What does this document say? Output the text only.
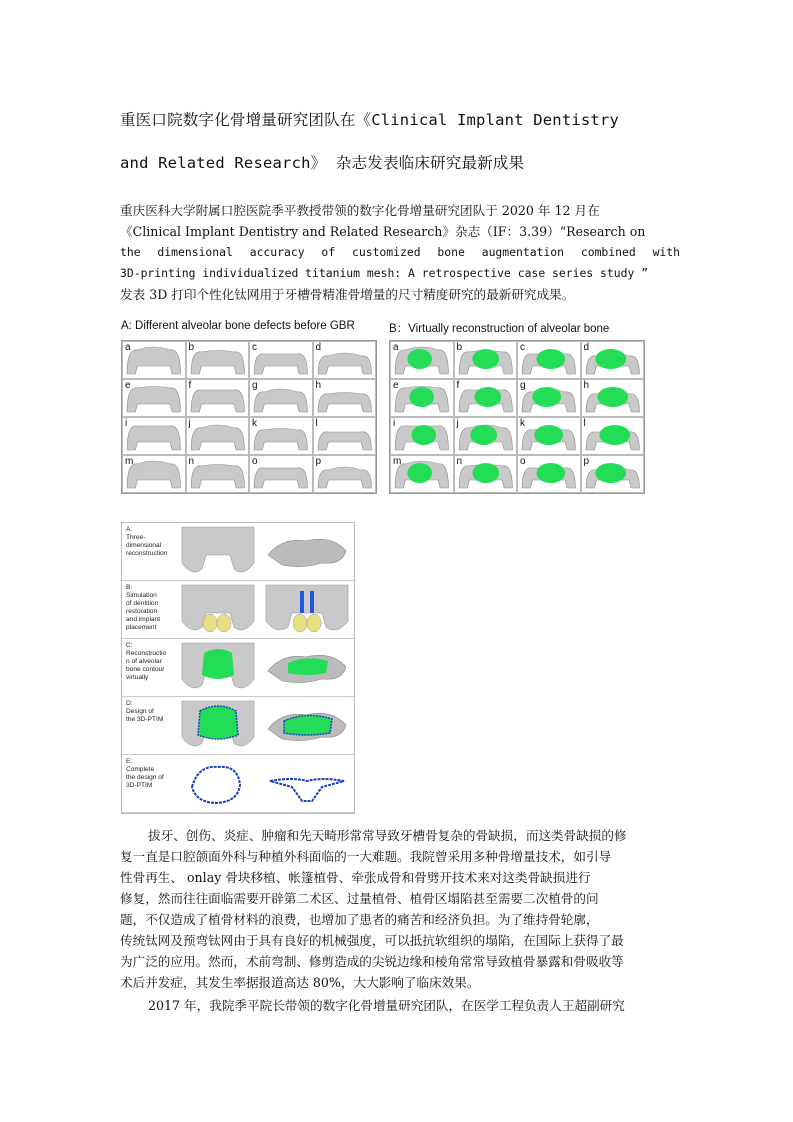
重医口院数字化骨增量研究团队在《Clinical Implant Dentistry
and Related Research》 杂志发表临床研究最新成果
重庆医科大学附属口腔医院季平教授带领的数字化骨增量研究团队于 2020 年 12 月在
《Clinical Implant Dentistry and Related Research》杂志（IF：3.39）“Research on
the dimensional accuracy of customized bone augmentation combined with
3D-printing individualized titanium mesh: A retrospective case series study ”
发表 3D 打印个性化钛网用于牙槽骨精准骨增量的尺寸精度研究的最新研究成果。
A: Different alveolar bone defects before GBR	B：Virtually reconstruction of alveolar bone
a	b	c	d
e	f	g	h
i	j	k	l
m	n	o	p
a	b	c	d
e	f	g	h
i	j	k	l
m	n	o	p
A:
Three-
dimensional
reconstruction
B:
Simulation
of dentition
restoration
and implant
placement
C:
Reconstructio
n of alveolar
bone contour
virtually
D:
Design of
the 3D-PTIM
E:
Complete
the design of
3D-PTIM
拔牙、创伤、炎症、肿瘤和先天畸形常常导致牙槽骨复杂的骨缺损，而这类骨缺损的修
复一直是口腔颌面外科与种植外科面临的一大难题。我院曾采用多种骨增量技术，如引导
性骨再生、 onlay 骨块移植、帐篷植骨、牵张成骨和骨劈开技术来对这类骨缺损进行
修复，然而往往面临需要开辟第二术区、过量植骨、植骨区塌陷甚至需要二次植骨的问
题，不仅造成了植骨材料的浪费，也增加了患者的痛苦和经济负担。为了维持骨轮廓，
传统钛网及预弯钛网由于具有良好的机械强度，可以抵抗软组织的塌陷，在国际上获得了最
为广泛的应用。然而，术前弯制、修剪造成的尖锐边缘和棱角常常导致植骨暴露和骨吸收等
术后并发症，其发生率据报道高达 80%，大大影响了临床效果。
2017 年，我院季平院长带领的数字化骨增量研究团队，在医学工程负责人王超副研究
